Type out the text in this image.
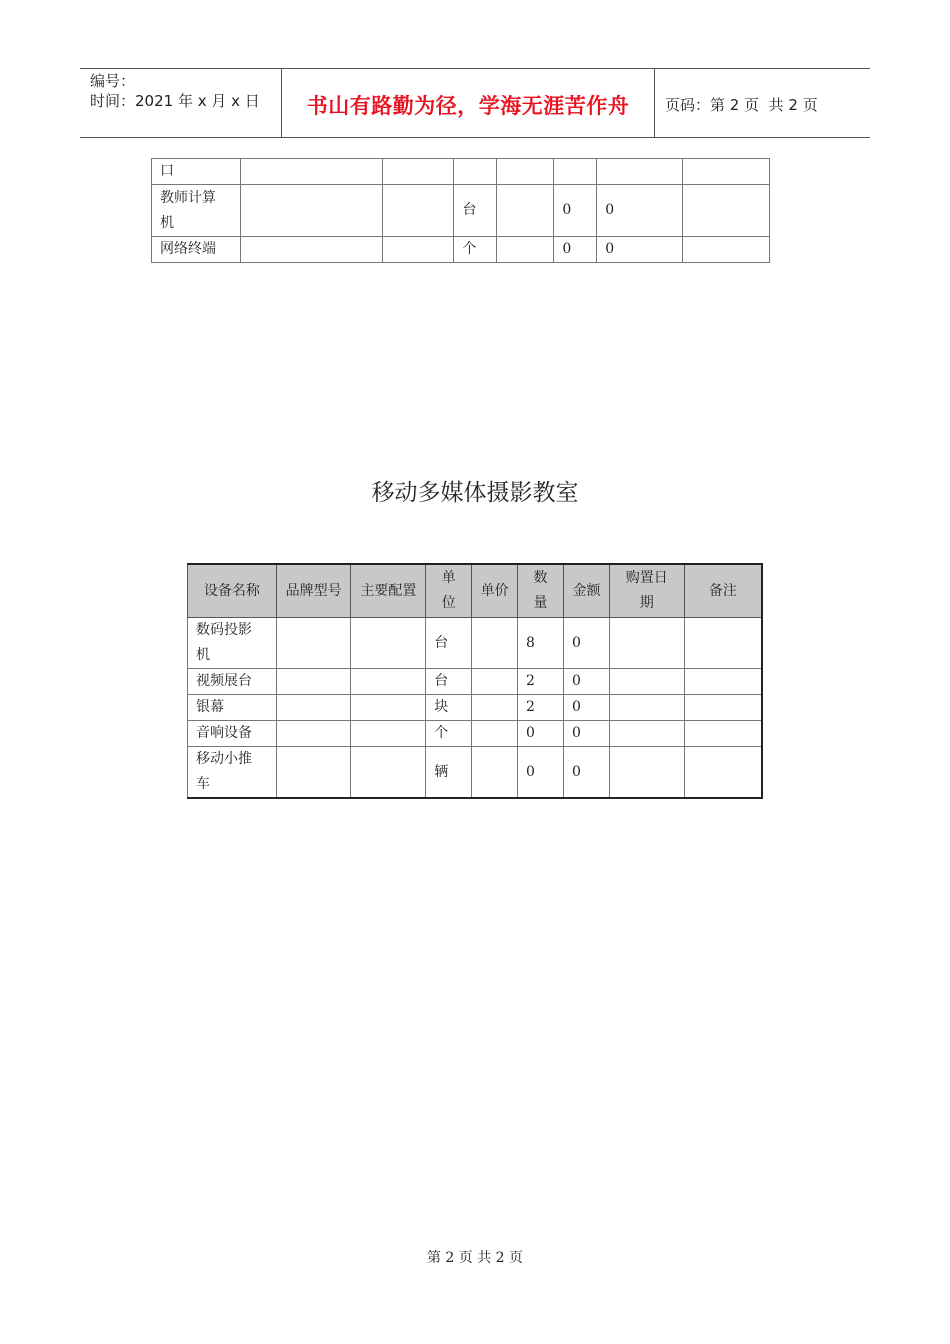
编号：
时间：2021 年 x 月 x 日	书山有路勤为径，学海无涯苦作舟 页码：第 2 页  共 2 页
口							
教师计算机			台		0	0	
网络终端			个		0	0	
移动多媒体摄影教室
设备名称	品牌型号	主要配置	单位	单价	数量	金额	购置日期	备注
数码投影机			台		8	0		
视频展台			台		2	0		
银幕			块		2	0		
音响设备			个		0	0		
移动小推车			辆		0	0		
第 2 页 共 2 页
